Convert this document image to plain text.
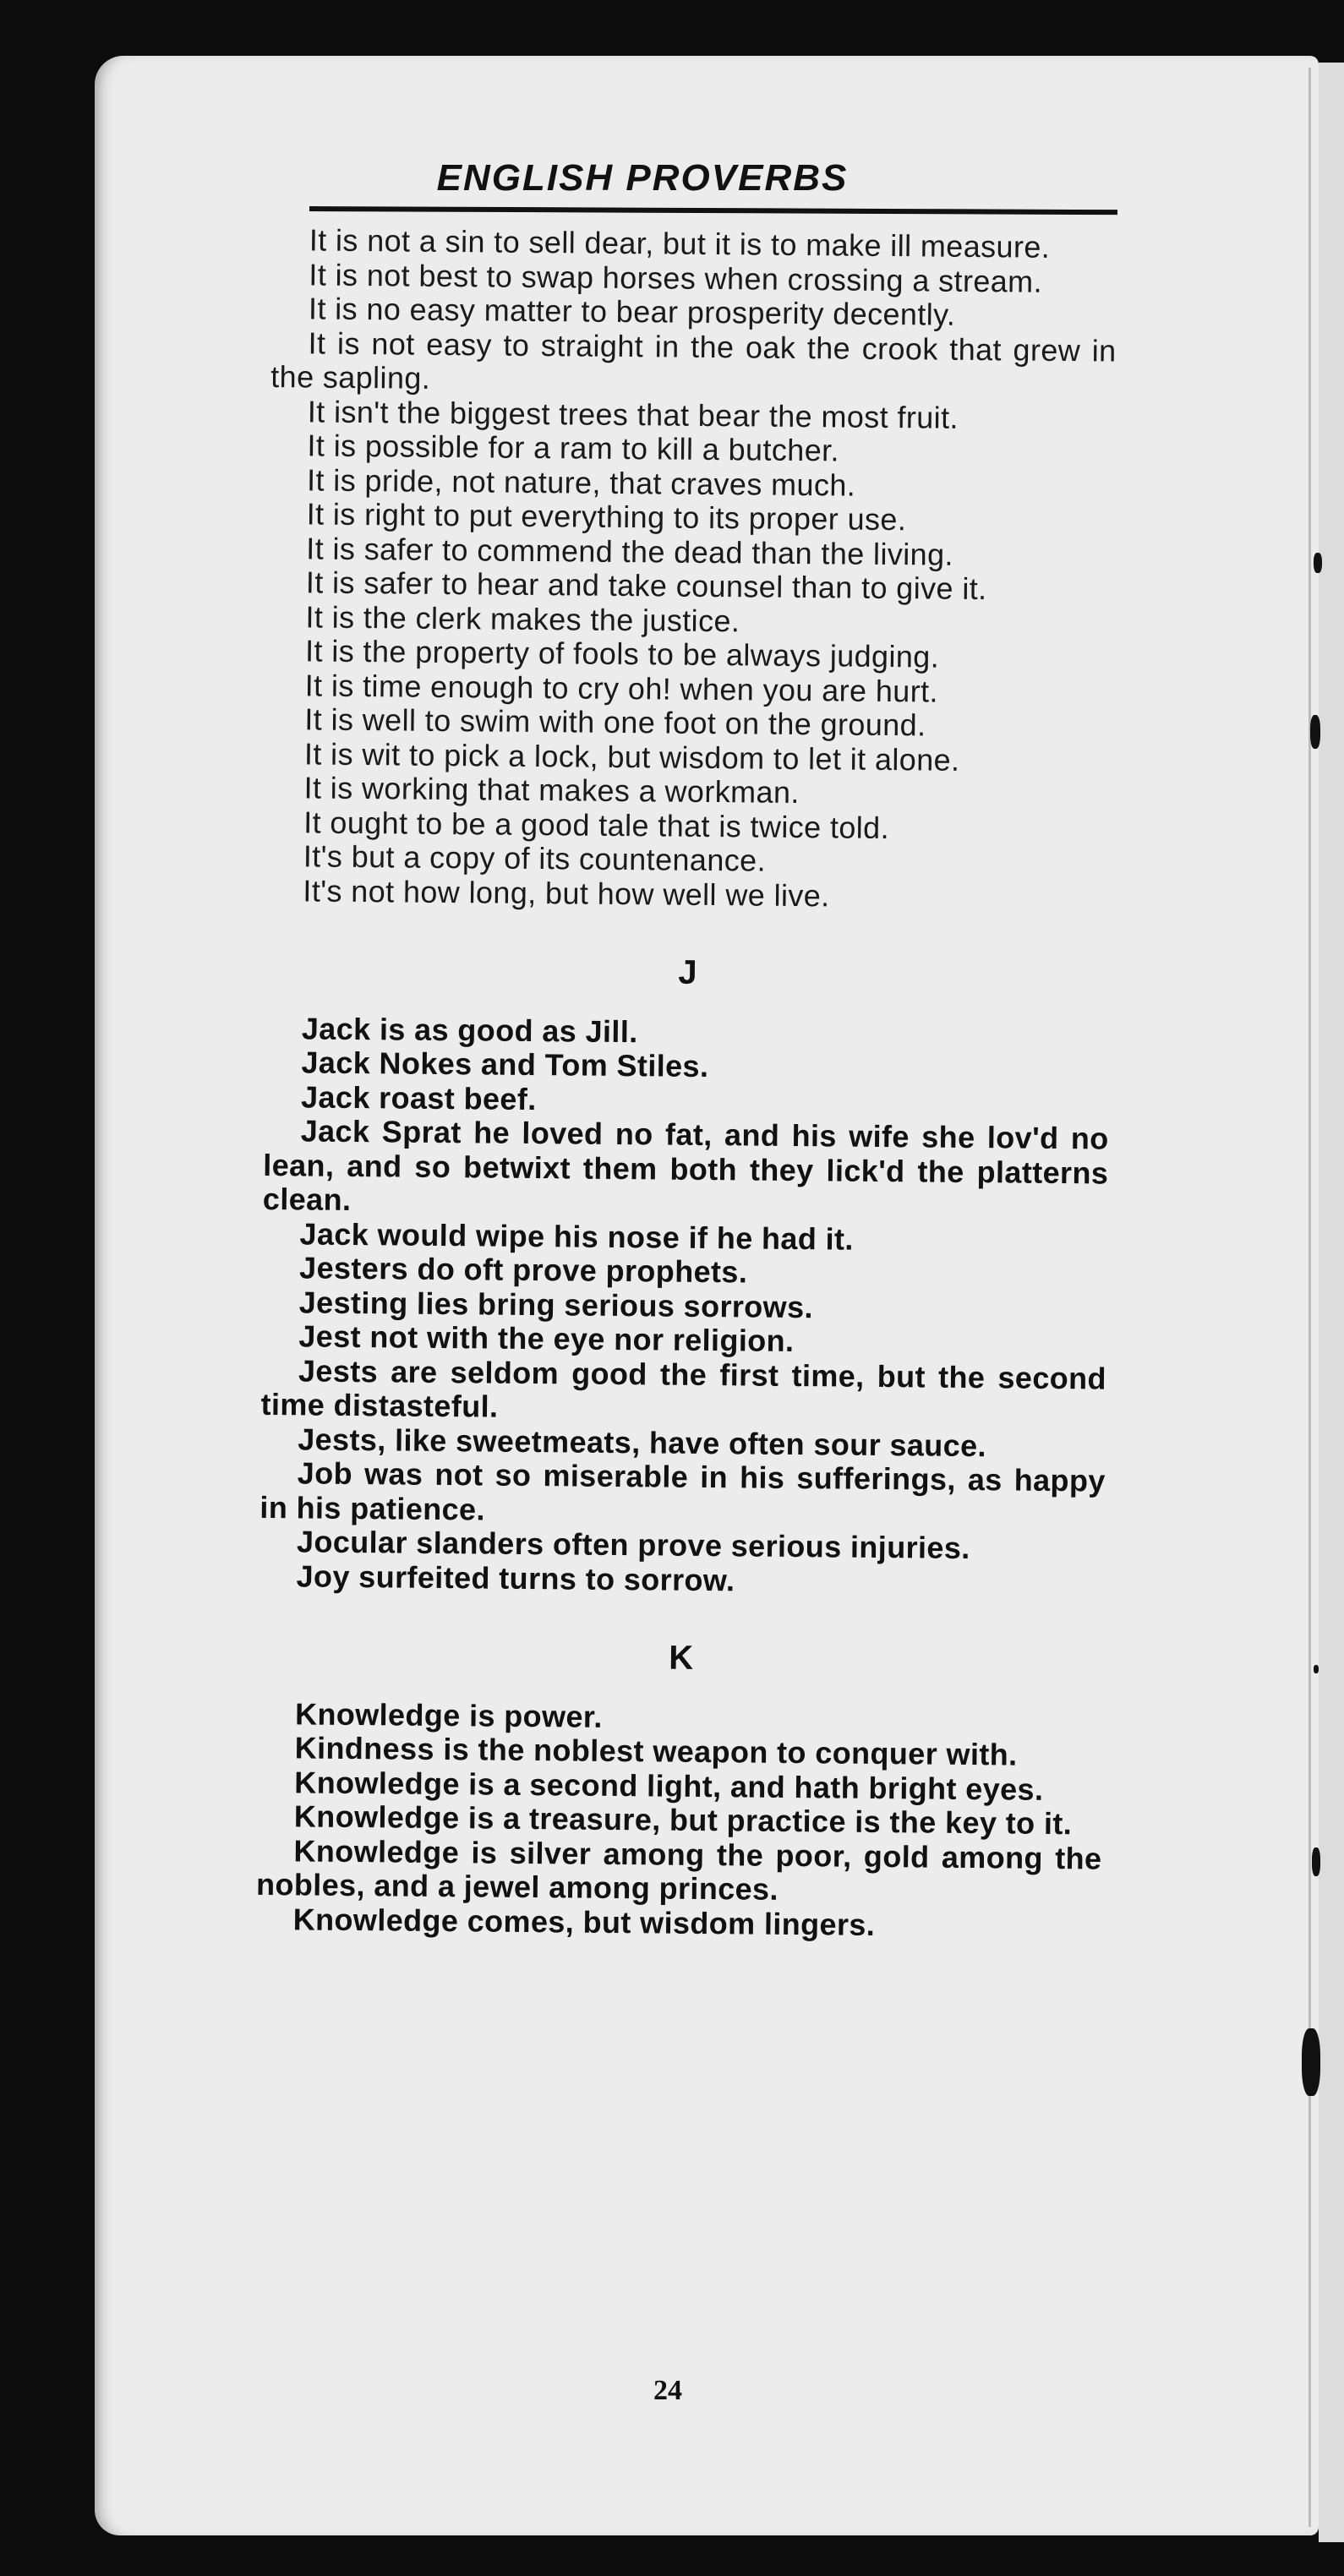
ENGLISH PROVERBS

It is not a sin to sell dear, but it is to make ill measure.

It is not best to swap horses when crossing a stream.

It is no easy matter to bear prosperity decently.

It is not easy to straight in the oak the crook that grew in the sapling.

It isn't the biggest trees that bear the most fruit.

It is possible for a ram to kill a butcher.

It is pride, not nature, that craves much.

It is right to put everything to its proper use.

It is safer to commend the dead than the living.

It is safer to hear and take counsel than to give it.

It is the clerk makes the justice.

It is the property of fools to be always judging.

It is time enough to cry oh! when you are hurt.

It is well to swim with one foot on the ground.

It is wit to pick a lock, but wisdom to let it alone.

It is working that makes a workman.

It ought to be a good tale that is twice told.

It's but a copy of its countenance.

It's not how long, but how well we live.

J

Jack is as good as Jill.

Jack Nokes and Tom Stiles.

Jack roast beef.

Jack Sprat he loved no fat, and his wife she lov'd no lean, and so betwixt them both they lick'd the platterns clean.

Jack would wipe his nose if he had it.

Jesters do oft prove prophets.

Jesting lies bring serious sorrows.

Jest not with the eye nor religion.

Jests are seldom good the first time, but the second time distasteful.

Jests, like sweetmeats, have often sour sauce.

Job was not so miserable in his sufferings, as happy in his patience.

Jocular slanders often prove serious injuries.

Joy surfeited turns to sorrow.

K

Knowledge is power.

Kindness is the noblest weapon to conquer with.

Knowledge is a second light, and hath bright eyes.

Knowledge is a treasure, but practice is the key to it.

Knowledge is silver among the poor, gold among the nobles, and a jewel among princes.

Knowledge comes, but wisdom lingers.

24
